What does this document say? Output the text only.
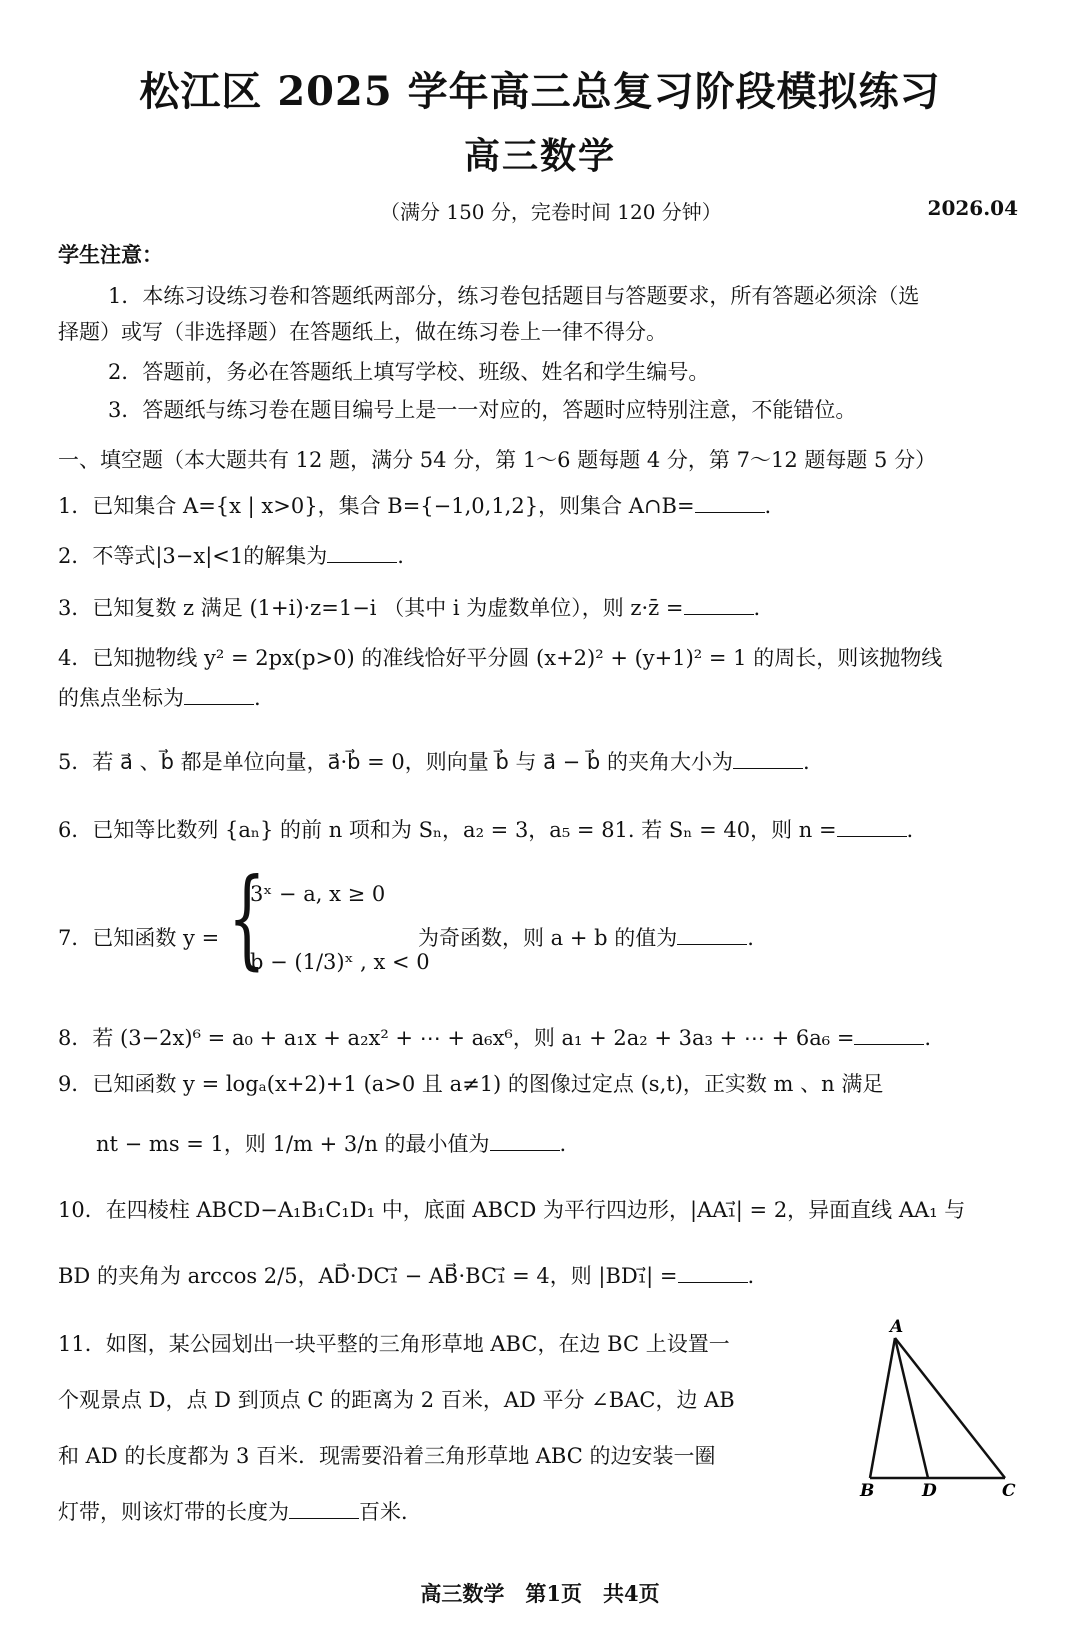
松江区 2025 学年高三总复习阶段模拟练习
高三数学
（满分 150 分，完卷时间 120 分钟）	2026.04
学生注意：
1．本练习设练习卷和答题纸两部分，练习卷包括题目与答题要求，所有答题必须涂（选
择题）或写（非选择题）在答题纸上，做在练习卷上一律不得分。
2．答题前，务必在答题纸上填写学校、班级、姓名和学生编号。
3．答题纸与练习卷在题目编号上是一一对应的，答题时应特别注意，不能错位。
一、填空题（本大题共有 12 题，满分 54 分，第 1～6 题每题 4 分，第 7～12 题每题 5 分）
1．已知集合 A={x | x>0}，集合 B={−1,0,1,2}，则集合 A∩B=	.
2．不等式|3−x|<1的解集为	.
3．已知复数 z 满足 (1+i)·z=1−i （其中 i 为虚数单位），则 z·z̄ =	.
4．已知抛物线 y² = 2px(p>0) 的准线恰好平分圆 (x+2)² + (y+1)² = 1 的周长，则该抛物线
的焦点坐标为	.
5．若 a⃗ 、b⃗ 都是单位向量，a⃗·b⃗ = 0，则向量 b⃗ 与 a⃗ − b⃗ 的夹角大小为	.
6．已知等比数列 {aₙ} 的前 n 项和为 Sₙ，a₂ = 3，a₅ = 81. 若 Sₙ = 40，则 n =	.
7．已知函数 y = {
3ˣ − a, x ≥ 0
b − (1/3)ˣ , x < 0
为奇函数，则 a + b 的值为	.
8．若 (3−2x)⁶ = a₀ + a₁x + a₂x² + ⋯ + a₆x⁶，则 a₁ + 2a₂ + 3a₃ + ⋯ + 6a₆ =	.
9．已知函数 y = logₐ(x+2)+1 (a>0 且 a≠1) 的图像过定点 (s,t)，正实数 m 、n 满足
nt − ms = 1，则 1/m + 3/n 的最小值为	.
10．在四棱柱 ABCD−A₁B₁C₁D₁ 中，底面 ABCD 为平行四边形，|AA₁⃗| = 2，异面直线 AA₁ 与
BD 的夹角为 arccos 2/5，AD⃗·DC₁⃗ − AB⃗·BC₁⃗ = 4，则 |BD₁⃗| =	.
11．如图，某公园划出一块平整的三角形草地 ABC，在边 BC 上设置一
个观景点 D，点 D 到顶点 C 的距离为 2 百米，AD 平分 ∠BAC，边 AB
和 AD 的长度都为 3 百米．现需要沿着三角形草地 ABC 的边安装一圈
灯带，则该灯带的长度为	百米．
A
B	D	C
高三数学　第1页　共4页
